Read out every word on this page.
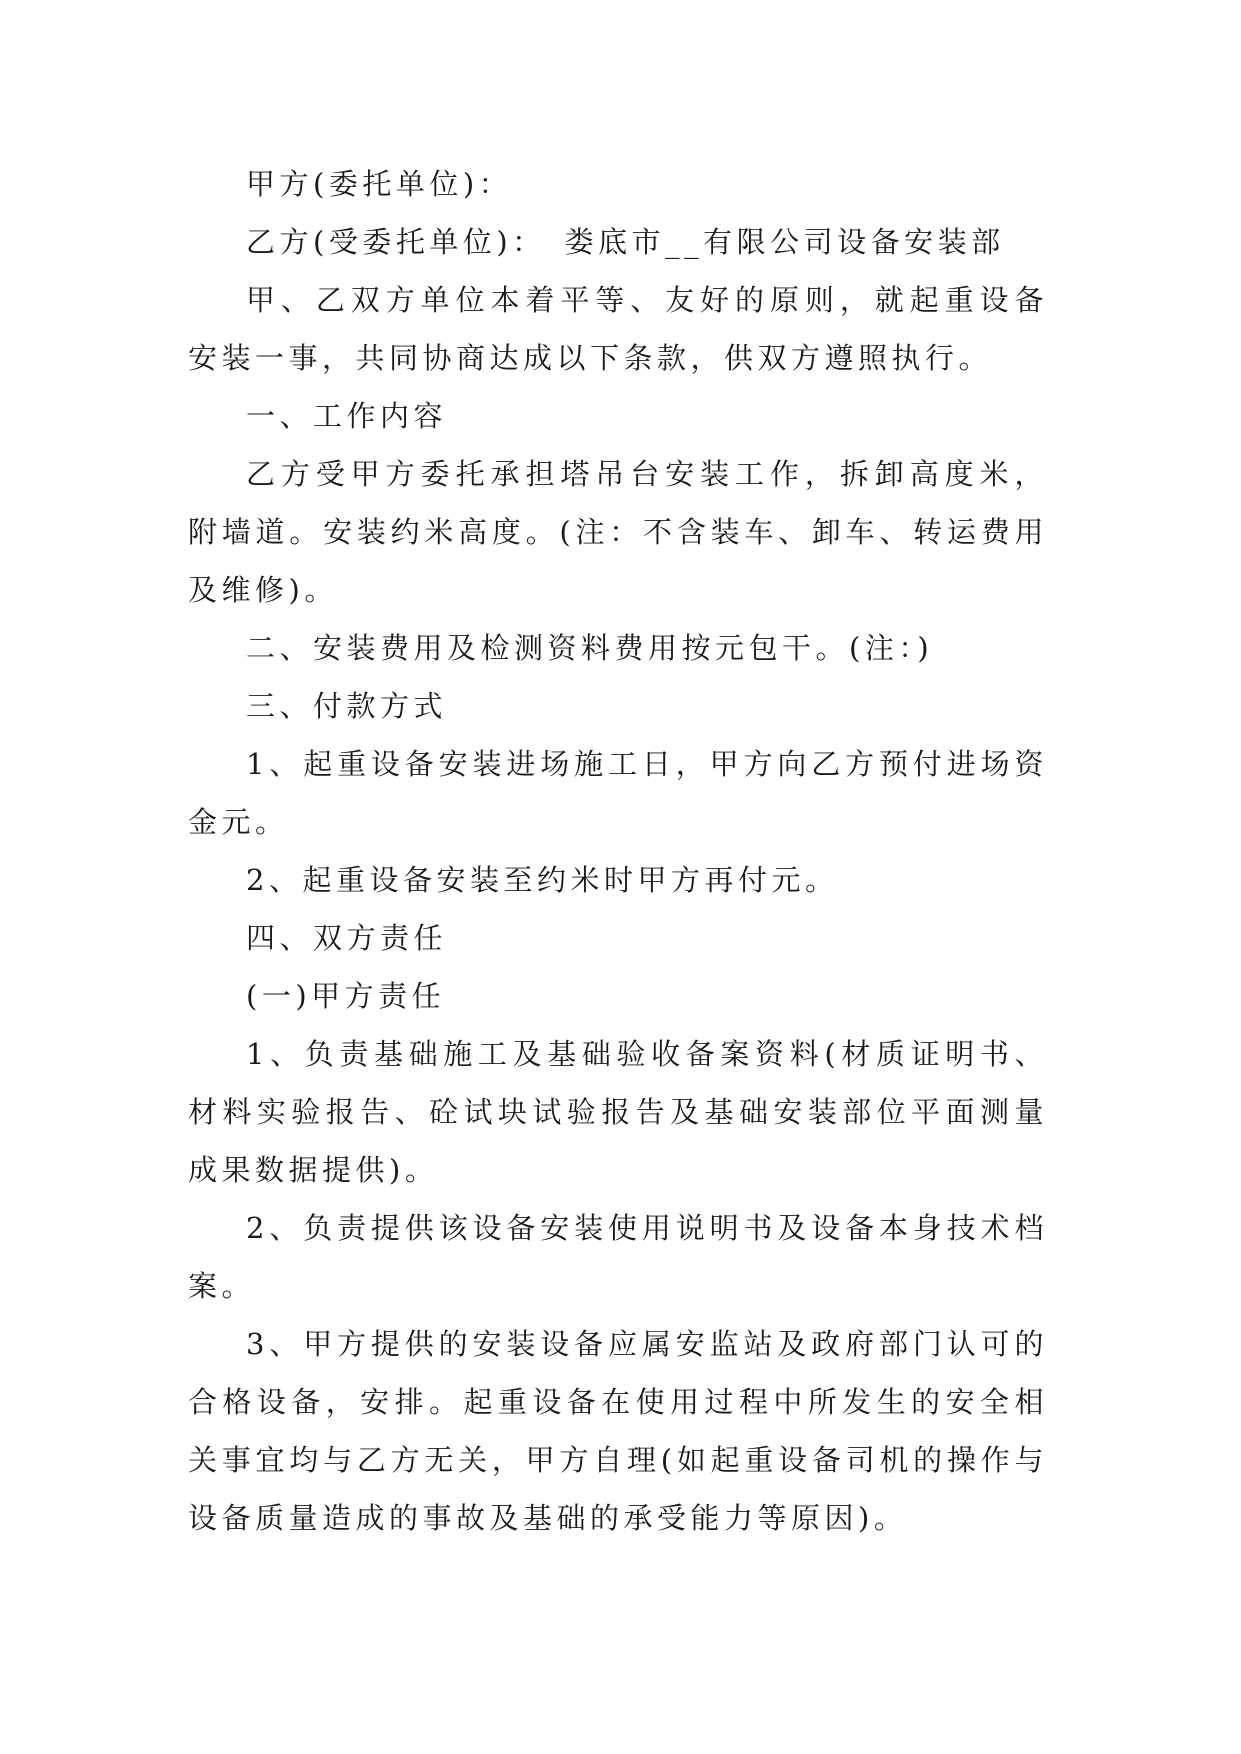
甲方(委托单位)：

乙方(受委托单位)：　娄底市__有限公司设备安装部

甲、乙双方单位本着平等、友好的原则，就起重设备安装一事，共同协商达成以下条款，供双方遵照执行。

一、工作内容

乙方受甲方委托承担塔吊台安装工作，拆卸高度米，附墙道。安装约米高度。(注：不含装车、卸车、转运费用及维修)。

二、安装费用及检测资料费用按元包干。(注：)

三、付款方式

1、起重设备安装进场施工日，甲方向乙方预付进场资金元。

2、起重设备安装至约米时甲方再付元。

四、双方责任

(一)甲方责任

1、负责基础施工及基础验收备案资料(材质证明书、材料实验报告、砼试块试验报告及基础安装部位平面测量成果数据提供)。

2、负责提供该设备安装使用说明书及设备本身技术档案。

3、甲方提供的安装设备应属安监站及政府部门认可的合格设备，安排。起重设备在使用过程中所发生的安全相关事宜均与乙方无关，甲方自理(如起重设备司机的操作与设备质量造成的事故及基础的承受能力等原因)。
